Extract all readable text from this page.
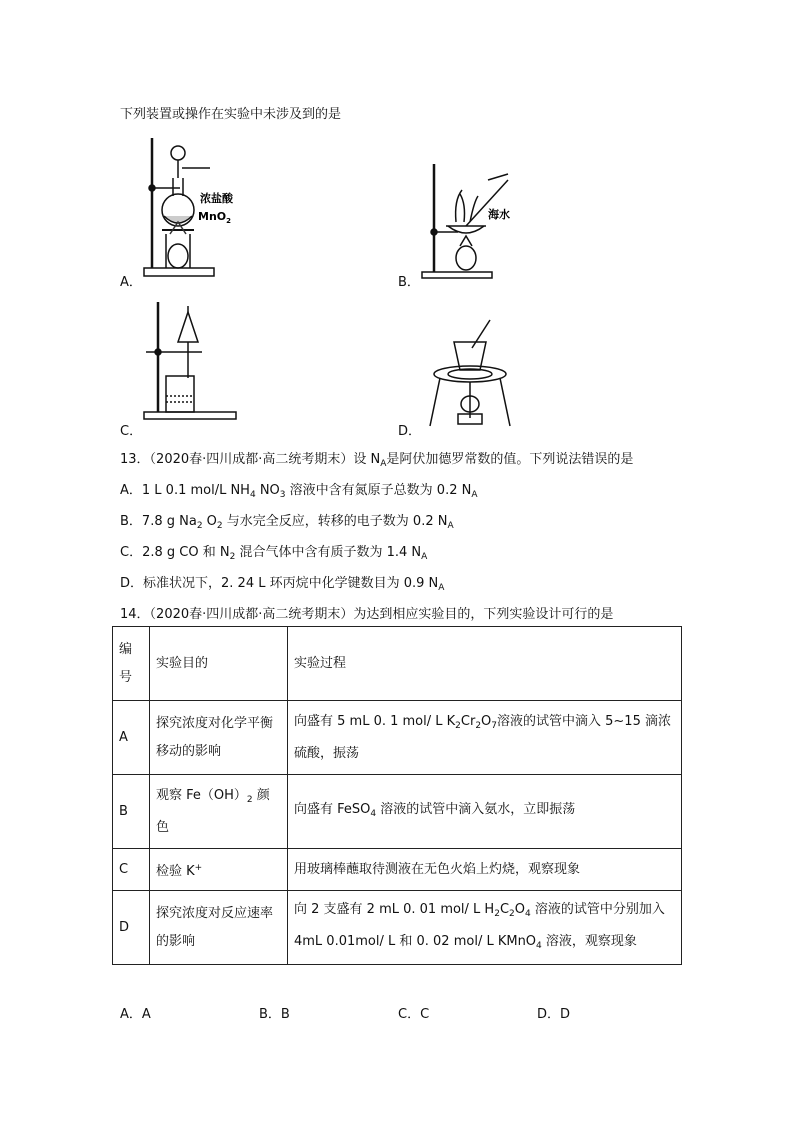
下列装置或操作在实验中未涉及到的是
浓盐酸
MnO$_2$
A．
海水
B．
C．	D．
13．（2020春·四川成都·高二统考期末）设 $N_A$是阿伏加德罗常数的值。下列说法错误的是
A．1 L 0.1 mol/L $NH_4$ $NO_3$ 溶液中含有氮原子总数为 0.2 $N_A$
B．7.8 g $Na_2$ $O_2$ 与水完全反应，转移的电子数为 0.2 $N_A$
C．2.8 g CO 和 $N_2$ 混合气体中含有质子数为 1.4 $N_A$
D．标准状况下，2. 24 L 环丙烷中化学键数目为 0.9 $N_A$
14．（2020春·四川成都·高二统考期末）为达到相应实验目的，下列实验设计可行的是
编号	实验目的	实验过程
A	探究浓度对化学平衡移动的影响	向盛有 5 mL 0. 1 mol/ L $K_2Cr_2O_7$溶液的试管中滴入 5~15 滴浓硫酸，振荡
B	观察 $Fe(OH)_2$ 颜色	向盛有 FeSO$_4$ 溶液的试管中滴入氨水，立即振荡
C	检验 K+	用玻璃棒蘸取待测液在无色火焰上灼烧，观察现象
D	探究浓度对反应速率的影响	向 2 支盛有 2 mL 0. 01 mol/ L $H_2C_2O_4$ 溶液的试管中分别加入 4mL 0.01mol/ L 和 0. 02 mol/ L KMnO$_4$ 溶液，观察现象
A．A	B．B	C．C	D．D
